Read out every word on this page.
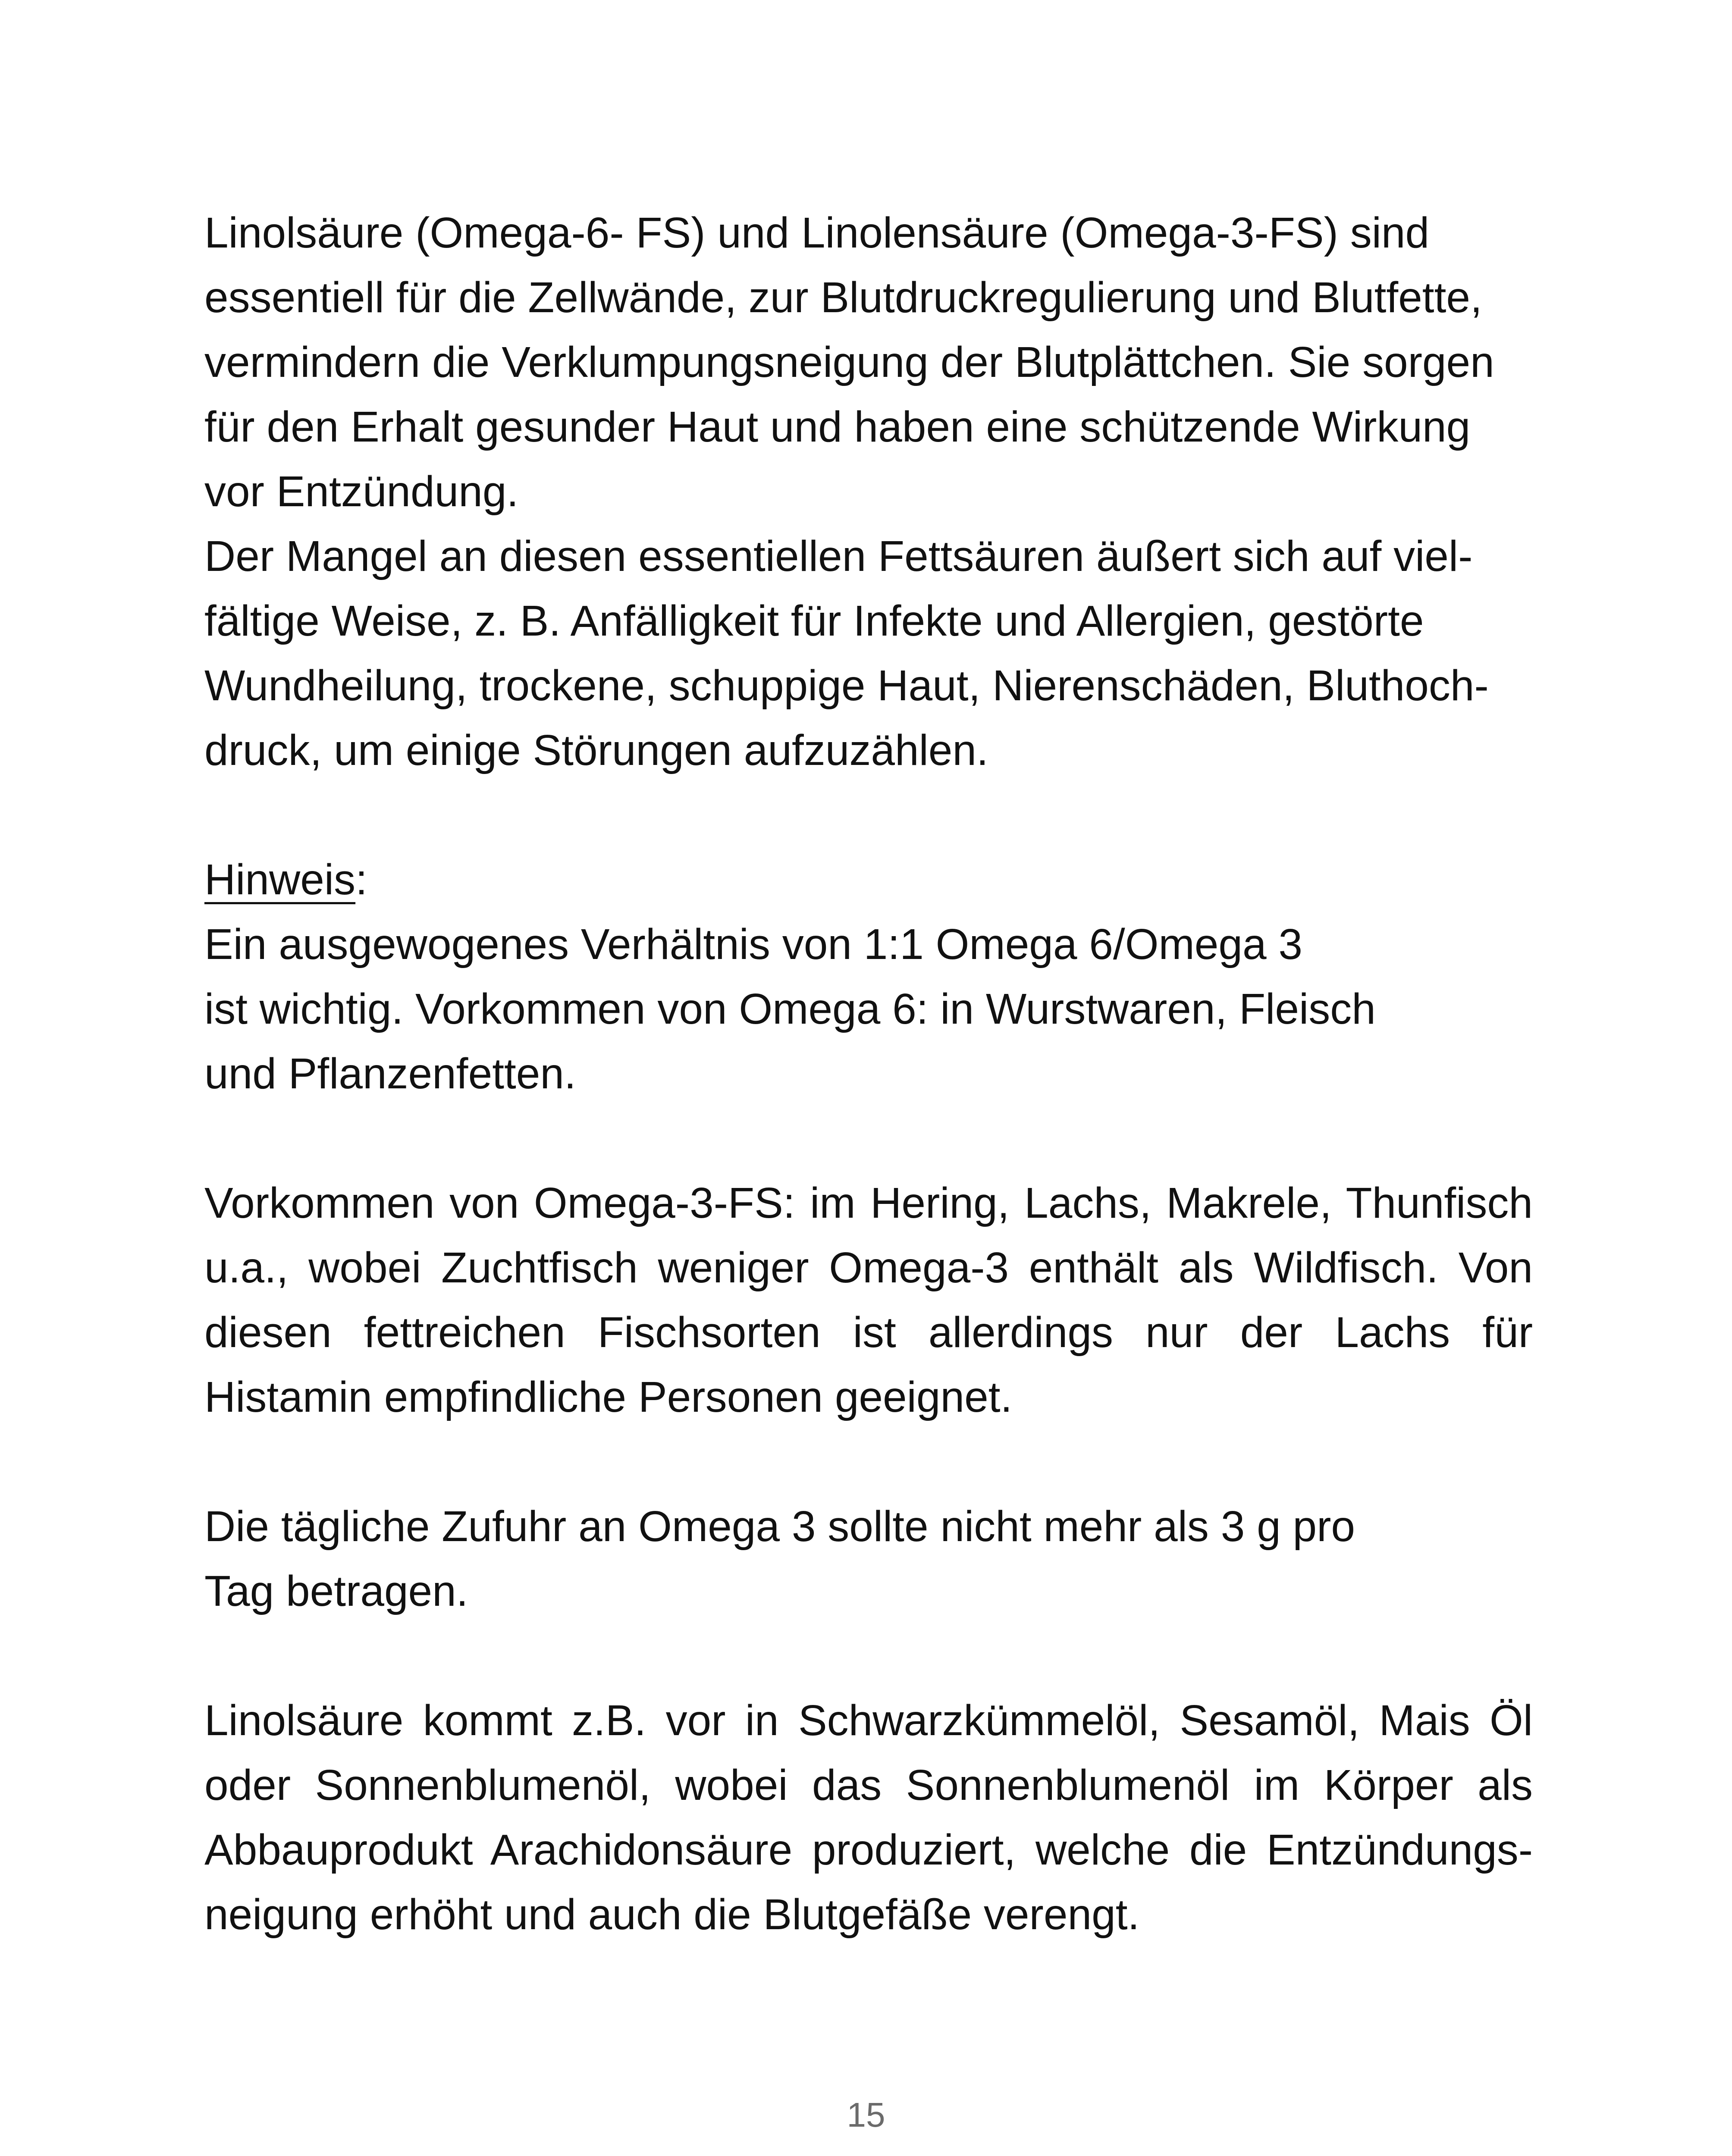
Linolsäure (Omega-6- FS) und Linolensäure (Omega-3-FS) sind
essentiell für die Zellwände, zur Blutdruckregulierung und Blutfette,
vermindern die Verklumpungsneigung der Blutplättchen. Sie sorgen
für den Erhalt gesunder Haut und haben eine schützende Wirkung
vor Entzündung.

Der Mangel an diesen essentiellen Fettsäuren äußert sich auf viel-
fältige Weise, z. B. Anfälligkeit für Infekte und Allergien, gestörte
Wundheilung, trockene, schuppige Haut, Nierenschäden, Bluthoch-
druck, um einige Störungen aufzuzählen.

Hinweis:

Ein ausgewogenes Verhältnis von 1:1 Omega 6/Omega 3
ist wichtig. Vorkommen von Omega 6: in Wurstwaren, Fleisch
und Pflanzenfetten.

Vorkommen von Omega-3-FS: im Hering, Lachs, Makrele, Thunfisch u.a., wobei Zuchtfisch weniger Omega-3 enthält als Wildfisch. Von diesen fettreichen Fischsorten ist allerdings nur der Lachs für Histamin empfindliche Personen geeignet.

Die tägliche Zufuhr an Omega 3 sollte nicht mehr als 3 g pro
Tag betragen.

Linolsäure kommt z.B. vor in Schwarzkümmelöl, Sesamöl, Mais Öl oder Sonnenblumenöl, wobei das Sonnenblumenöl im Körper als Abbauprodukt Arachidonsäure produziert, welche die Entzündungs-neigung erhöht und auch die Blutgefäße verengt.

15
